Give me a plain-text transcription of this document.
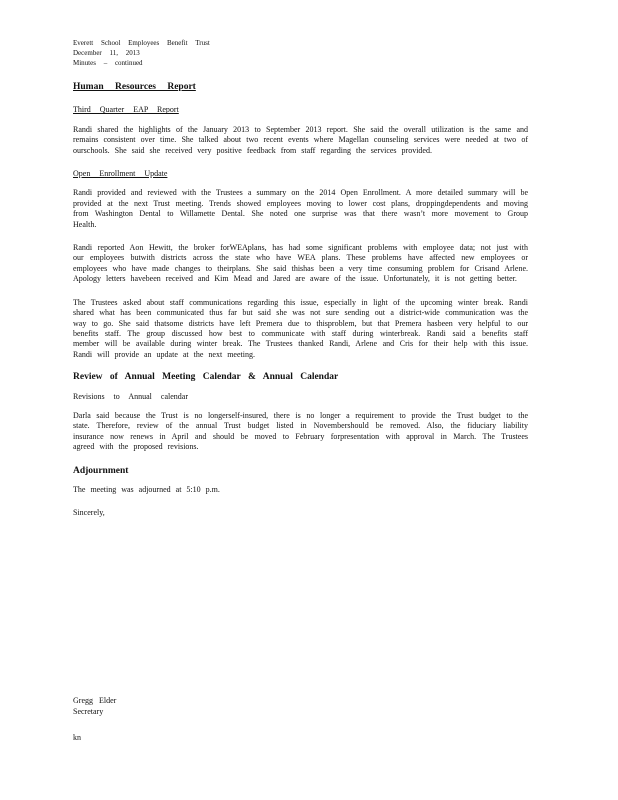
Everett School Employees Benefit Trust
December 11, 2013
Minutes – continued
Human Resources Report
Third Quarter EAP Report

Randi shared the highlights of the January 2013 to September 2013 report. She said the overall utilization is the same and remains consistent over time. She talked about two recent events where Magellan counseling services were needed at two of ourschools. She said she received very positive feedback from staff regarding the services provided.

Open Enrollment Update

Randi provided and reviewed with the Trustees a summary on the 2014 Open Enrollment. A more detailed summary will be provided at the next Trust meeting. Trends showed employees moving to lower cost plans, droppingdependents and moving from Washington Dental to Willamette Dental. She noted one surprise was that there wasn’t more movement to Group Health.

Randi reported Aon Hewitt, the broker forWEAplans, has had some significant problems with employee data; not just with our employees butwith districts across the state who have WEA plans. These problems have affected new employees or employees who have made changes to theirplans. She said thishas been a very time consuming problem for Crisand Arlene. Apology letters havebeen received and Kim Mead and Jared are aware of the issue. Unfortunately, it is not getting better.

The Trustees asked about staff communications regarding this issue, especially in light of the upcoming winter break. Randi shared what has been communicated thus far but said she was not sure sending out a district-wide communication was the way to go. She said thatsome districts have left Premera due to thisproblem, but that Premera hasbeen very helpful to our benefits staff. The group discussed how best to communicate with staff during winterbreak. Randi said a benefits staff member will be available during winter break. The Trustees thanked Randi, Arlene and Cris for their help with this issue. Randi will provide an update at the next meeting.

Review of Annual Meeting Calendar & Annual Calendar
Revisions to Annual calendar

Darla said because the Trust is no longerself-insured, there is no longer a requirement to provide the Trust budget to the state. Therefore, review of the annual Trust budget listed in Novembershould be removed. Also, the fiduciary liability insurance now renews in April and should be moved to February forpresentation with approval in March. The Trustees agreed with the proposed revisions.

Adjournment

The meeting was adjourned at 5:10 p.m.

Sincerely,

Gregg Elder
Secretary
kn
